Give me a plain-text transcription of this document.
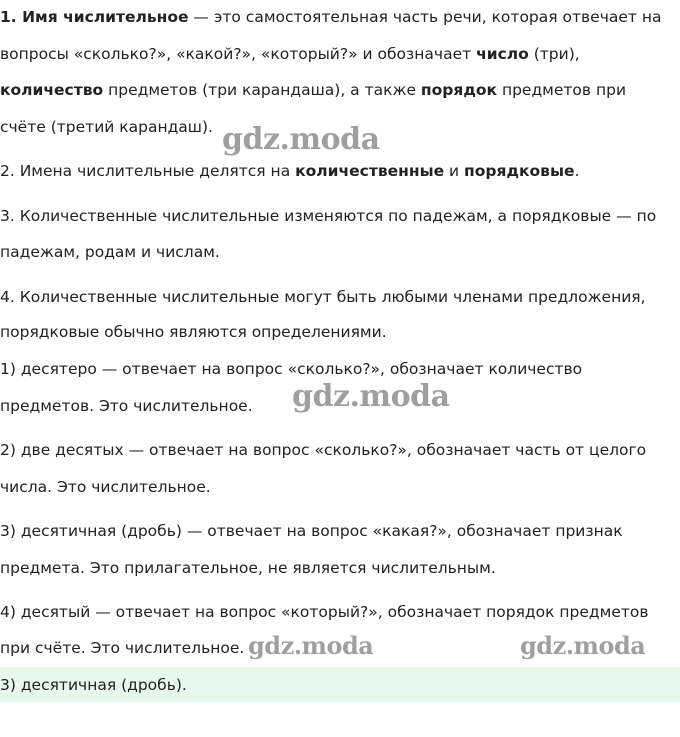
1. Имя числительное — это самостоятельная часть речи, которая отвечает на
вопросы «сколько?», «какой?», «который?» и обозначает число (три),
количество предметов (три карандаша), а также порядок предметов при
счёте (третий карандаш).
2. Имена числительные делятся на количественные и порядковые.
3. Количественные числительные изменяются по падежам, а порядковые — по
падежам, родам и числам.
4. Количественные числительные могут быть любыми членами предложения,
порядковые обычно являются определениями.
1) десятеро — отвечает на вопрос «сколько?», обозначает количество
предметов. Это числительное.
2) две десятых — отвечает на вопрос «сколько?», обозначает часть от целого
числа. Это числительное.
3) десятичная (дробь) — отвечает на вопрос «какая?», обозначает признак
предмета. Это прилагательное, не является числительным.
4) десятый — отвечает на вопрос «который?», обозначает порядок предметов
при счёте. Это числительное.
3) десятичная (дробь).
gdz.moda
gdz.moda
gdz.moda	gdz.moda
